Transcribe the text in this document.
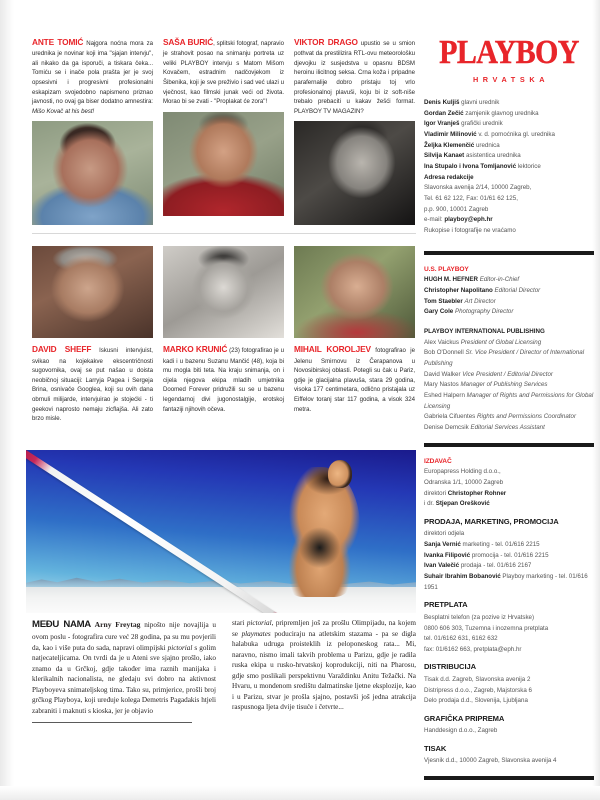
ANTE TOMIĆ Najgora noćna mora za urednika je novinar koji ima "sjajan intervju", ali nikako da ga isporuči, a tiskara čeka... Tomiću se i inače pola prašta jer je svoj opsesivni i progresivni profesionalni eskapizam svojedobno napismeno priznao javnosti, no ovaj ga biser dodatno amnestira: Mišo Kovač at his best!
SAŠA BURIĆ, splitski fotograf, napravio je strahovit posao na snimanju portreta uz veliki PLAYBOY intervju s Matom Mišom Kovačem, estradnim nadčovjekom iz Šibenika, koji je sve preživio i sad već ulazi u vječnost, kao filmski junak veći od života. Morao bi se zvati - "Proplakat će zora"!
VIKTOR DRAGO upustio se u smion pothvat da prestilizira RTL-ovu meteorološku djevojku iz susjedstva u opasnu BDSM heroinu ilicitnog seksa. Crna koža i pripadne parafernalije dobro pristaju toj vrlo profesionalnoj plavuši, koju bi iz soft-niše trebalo prebaciti u kakav žešći format. PLAYBOY TV MAGAZIN?
DAVID SHEFF Iskusni intervjuist, svikao na kojekakve ekscentričnosti sugovornika, ovaj se put našao u doista neobičnoj situaciji: Larryja Pagea i Sergeja Brina, osnivače Googlea, koji su ovih dana obrnuli milijarde, intervjuirao je stojećki - ti geekovi naprosto nemaju zicflajša. Ali zato brzo misle.
MARKO KRUNIĆ (23) fotografirao je u kadi i u bazenu Suzanu Mančić (48), koja bi mu mogla biti teta. Na kraju snimanja, on i cijela njegova ekipa mladih umjetnika Doomed Forever pridružili su se u bazenu legendarnoj divi jugonostalgije, erotskoj fantaziji njihovih očeva.
MIHAIL KOROLJEV fotografirao je Jelenu Smirnovu iz Čerapanova u Novosibirskoj oblasti. Potegli su čak u Pariz, gdje je glacijalna plavuša, stara 29 godina, visoka 177 centimetara, odlično pristajala uz Eiffelov toranj star 117 godina, a visok 324 metra.
MEĐU NAMA Arny Freytag nipošto nije novajlija u ovom poslu - fotografira cure već 28 godina, pa su mu povjerili da, kao i više puta do sada, napravi olimpijski pictorial s golim natjecateljicama. On tvrdi da je u Ateni sve sjajno prošlo, iako znamo da u Grčkoj, gdje također ima raznih manijaka i klerikalnih nacionalista, ne gledaju svi dobro na aktivnost Playboyeva snimateljskog tima. Tako su, primjerice, prošli broj grčkog Playboya, koji uređuje kolega Demetris Pagadakis htjeli zabraniti i maknuti s kioska, jer je objavio
stari pictorial, pripremljen još za prošlu Olimpijadu, na kojem se playmates poduciraju na atletskim stazama - pa se digla halabuka udruga proisteklih iz peloponeskog rata... Mi, naravno, nismo imali takvih problema u Parizu, gdje je radila ruska ekipa u rusko-hrvatskoj koprodukciji, niti na Pharosu, gdje smo poslikali perspektivnu Varaždinku Anitu Težački. Na Hvaru, u mondenom središtu dalmatinske ljetne eksplozije, kao i u Parizu, stvar je prošla sjajno, postavši još jedna atrakcija raspusnoga ljeta dvije tisuće i četvrte...
PLAYBOY
HRVATSKA
Denis Kuljiš glavni urednik
Gordan Zečić zamjenik glavnog urednika
Igor Vranješ grafički urednik
Vladimir Milinović v. d. pomoćnika gl. urednika
Željka Klemenčić urednica
Silvija Kanaet asistentica urednika
Ina Stupalo i Ivona Tomljanović lektorice
Adresa redakcije
Slavonska avenija 2/14, 10000 Zagreb,
Tel. 61 62 122, Fax: 01/61 62 125,
p.p. 900, 10001 Zagreb
e-mail: playboy@eph.hr
Rukopise i fotografije ne vraćamo
U.S. PLAYBOY
HUGH M. HEFNER Editor-in-Chief
Christopher Napolitano Editorial Director
Tom Staebler Art Director
Gary Cole Photography Director
PLAYBOY INTERNATIONAL PUBLISHING
Alex Vaickus President of Global Licensing
Bob O'Donnell Sr. Vice President / Director of International Publishing
David Walker Vice President / Editorial Director
Mary Nastos Manager of Publishing Services
Eshed Halpern Manager of Rights and Permissions for Global Licensing
Gabriela Cifuentes Rights and Permissions Coordinator
Denise Demcsik Editorial Services Assistant
IZDAVAČ
Europapress Holding d.o.o.,
Odranska 1/1, 10000 Zagreb
direktori Christopher Rohner
i dr. Stjepan Orešković
PRODAJA, MARKETING, PROMOCIJA
direktori odjela
Sanja Vernić marketing - tel. 01/616 2215
Ivanka Filipović promocija - tel. 01/616 2215
Ivan Valečić prodaja - tel. 01/616 2167
Suhair Ibrahim Bobanović Playboy marketing - tel. 01/616 1951
PRETPLATA
Besplatni telefon (za pozive iz Hrvatske)
0800 606 303, Tuzemna i inozemna pretplata
tel. 01/6162 631, 6162 632
fax: 01/6162 663, pretplata@eph.hr
DISTRIBUCIJA
Tisak d.d. Zagreb, Slavonska avenija 2
Distripress d.o.o., Zagreb, Majstorska 6
Delo prodaja d.d., Slovenija, Ljubljana
GRAFIČKA PRIPREMA
Handdesign d.o.o., Zagreb
TISAK
Vjesnik d.d., 10000 Zagreb, Slavonska avenija 4
